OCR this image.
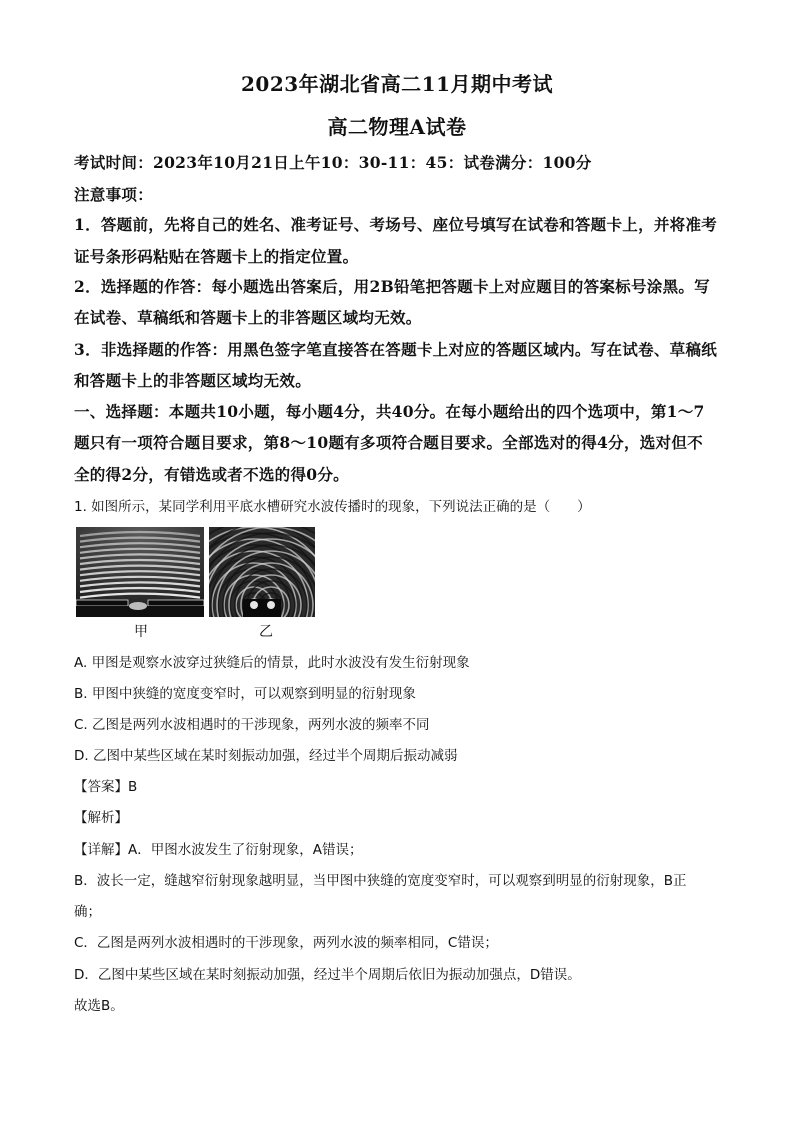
2023年湖北省高二11月期中考试
高二物理A试卷
考试时间：2023年10月21日上午10：30-11：45：试卷满分：100分
注意事项：
1．答题前，先将自己的姓名、准考证号、考场号、座位号填写在试卷和答题卡上，并将准考
证号条形码粘贴在答题卡上的指定位置。
2．选择题的作答：每小题选出答案后，用2B铅笔把答题卡上对应题目的答案标号涂黑。写
在试卷、草稿纸和答题卡上的非答题区域均无效。
3．非选择题的作答：用黑色签字笔直接答在答题卡上对应的答题区域内。写在试卷、草稿纸
和答题卡上的非答题区域均无效。
一、选择题：本题共10小题，每小题4分，共40分。在每小题给出的四个选项中，第1～7
题只有一项符合题目要求，第8～10题有多项符合题目要求。全部选对的得4分，选对但不
全的得2分，有错选或者不选的得0分。
1. 如图所示，某同学利用平底水槽研究水波传播时的现象，下列说法正确的是（　　）
甲	乙
A. 甲图是观察水波穿过狭缝后的情景，此时水波没有发生衍射现象
B. 甲图中狭缝的宽度变窄时，可以观察到明显的衍射现象
C. 乙图是两列水波相遇时的干涉现象，两列水波的频率不同
D. 乙图中某些区域在某时刻振动加强，经过半个周期后振动减弱
【答案】B
【解析】
【详解】A．甲图水波发生了衍射现象，A错误；
B．波长一定，缝越窄衍射现象越明显，当甲图中狭缝的宽度变窄时，可以观察到明显的衍射现象，B正
确；
C．乙图是两列水波相遇时的干涉现象，两列水波的频率相同，C错误；
D．乙图中某些区域在某时刻振动加强，经过半个周期后依旧为振动加强点，D错误。
故选B。
